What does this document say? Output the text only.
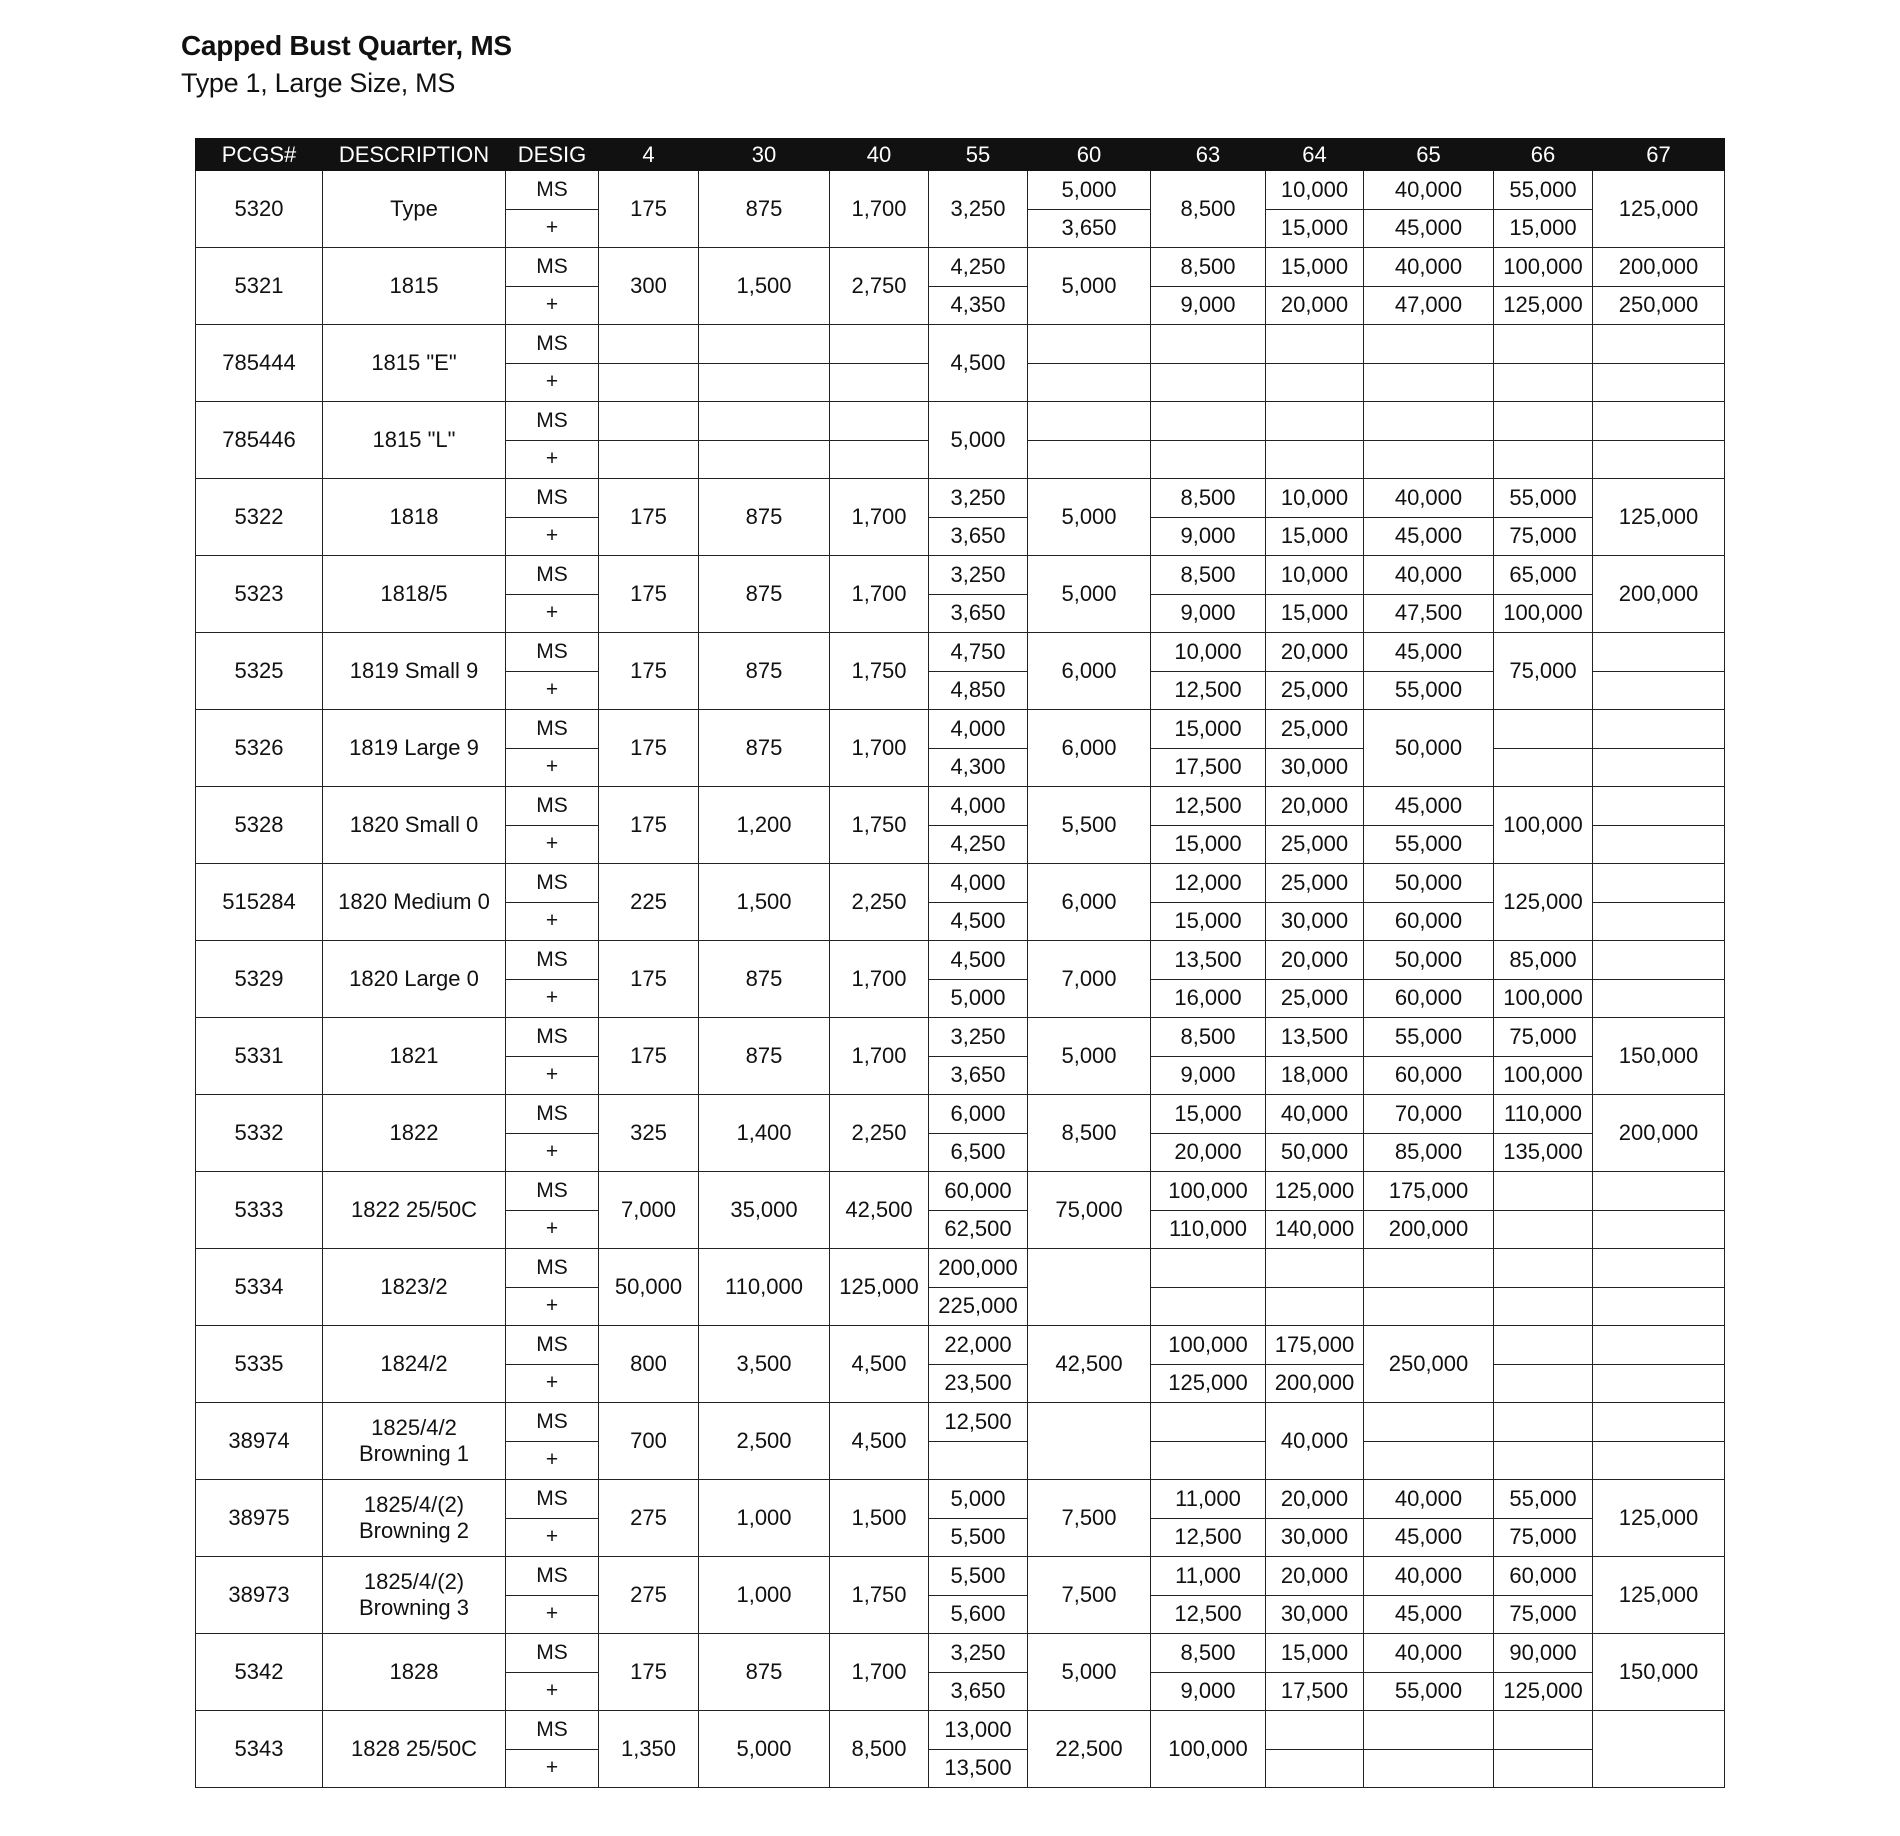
Capped Bust Quarter, MS
Type 1, Large Size, MS
PCGS#	DESCRIPTION	DESIG	4	30	40	55	60	63	64	65	66	67
5320	Type	MS	175	875	1,700	3,250	5,000	8,500	10,000	40,000	55,000	125,000
		+					3,650		15,000	45,000	15,000	
5321	1815	MS	300	1,500	2,750	4,250	5,000	8,500	15,000	40,000	100,000	200,000
		+				4,350		9,000	20,000	47,000	125,000	250,000
785444	1815 "E"	MS				4,500						
		+										
785446	1815 "L"	MS				5,000						
		+										
5322	1818	MS	175	875	1,700	3,250	5,000	8,500	10,000	40,000	55,000	125,000
		+				3,650		9,000	15,000	45,000	75,000	
5323	1818/5	MS	175	875	1,700	3,250	5,000	8,500	10,000	40,000	65,000	200,000
		+				3,650		9,000	15,000	47,500	100,000	
5325	1819 Small 9	MS	175	875	1,750	4,750	6,000	10,000	20,000	45,000	75,000	
		+				4,850		12,500	25,000	55,000		
5326	1819 Large 9	MS	175	875	1,700	4,000	6,000	15,000	25,000	50,000		
		+				4,300		17,500	30,000			
5328	1820 Small 0	MS	175	1,200	1,750	4,000	5,500	12,500	20,000	45,000	100,000	
		+				4,250		15,000	25,000	55,000		
515284	1820 Medium 0	MS	225	1,500	2,250	4,000	6,000	12,000	25,000	50,000	125,000	
		+				4,500		15,000	30,000	60,000		
5329	1820 Large 0	MS	175	875	1,700	4,500	7,000	13,500	20,000	50,000	85,000	
		+				5,000		16,000	25,000	60,000	100,000	
5331	1821	MS	175	875	1,700	3,250	5,000	8,500	13,500	55,000	75,000	150,000
		+				3,650		9,000	18,000	60,000	100,000	
5332	1822	MS	325	1,400	2,250	6,000	8,500	15,000	40,000	70,000	110,000	200,000
		+				6,500		20,000	50,000	85,000	135,000	
5333	1822 25/50C	MS	7,000	35,000	42,500	60,000	75,000	100,000	125,000	175,000		
		+				62,500		110,000	140,000	200,000		
5334	1823/2	MS	50,000	110,000	125,000	200,000						
		+				225,000						
5335	1824/2	MS	800	3,500	4,500	22,000	42,500	100,000	175,000	250,000		
		+				23,500		125,000	200,000			
38974	1825/4/2 Browning 1	MS	700	2,500	4,500	12,500			40,000			
		+										
38975	1825/4/(2) Browning 2	MS	275	1,000	1,500	5,000	7,500	11,000	20,000	40,000	55,000	125,000
		+				5,500		12,500	30,000	45,000	75,000	
38973	1825/4/(2) Browning 3	MS	275	1,000	1,750	5,500	7,500	11,000	20,000	40,000	60,000	125,000
		+				5,600		12,500	30,000	45,000	75,000	
5342	1828	MS	175	875	1,700	3,250	5,000	8,500	15,000	40,000	90,000	150,000
		+				3,650		9,000	17,500	55,000	125,000	
5343	1828 25/50C	MS	1,350	5,000	8,500	13,000	22,500	100,000				
		+				13,500						
